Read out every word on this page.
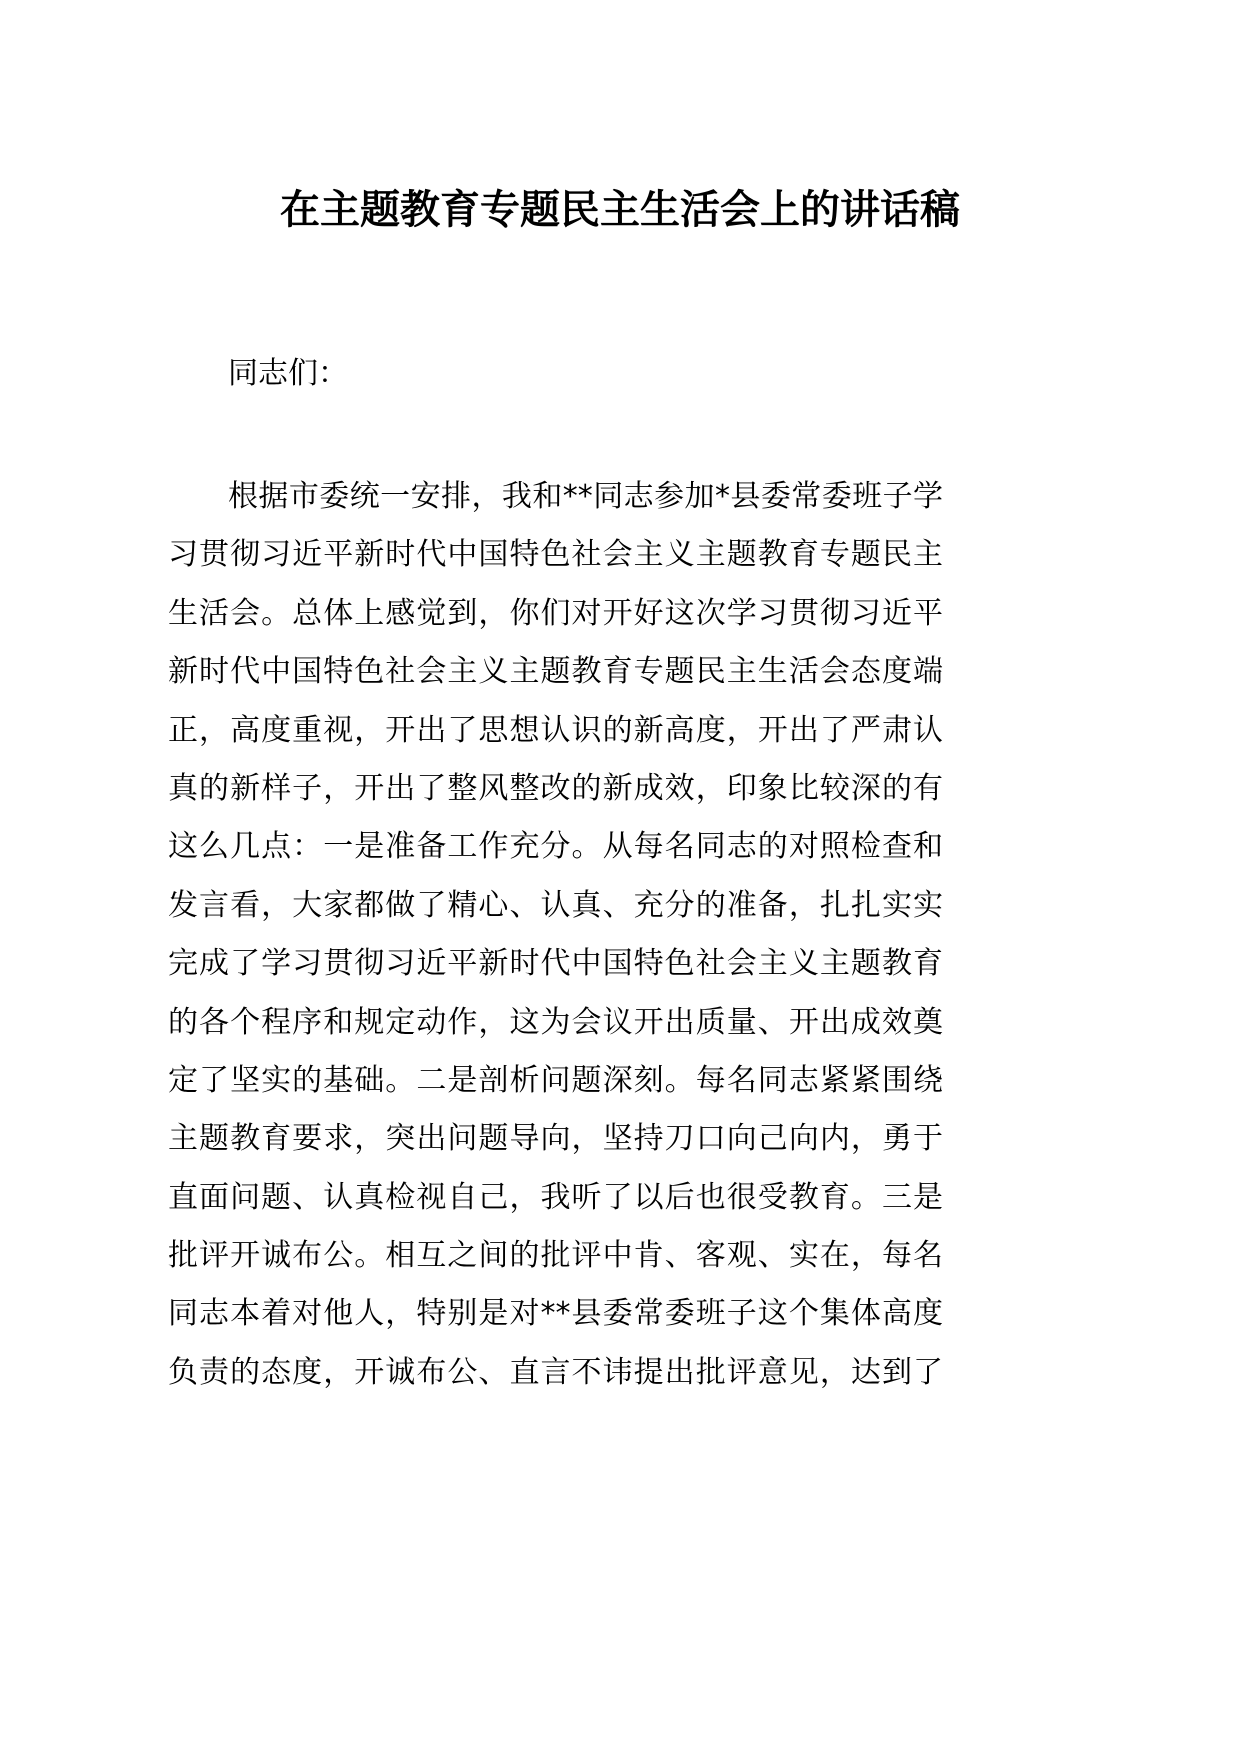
在主题教育专题民主生活会上的讲话稿

同志们：

根据市委统一安排，我和**同志参加*县委常委班子学
习贯彻习近平新时代中国特色社会主义主题教育专题民主
生活会。总体上感觉到，你们对开好这次学习贯彻习近平
新时代中国特色社会主义主题教育专题民主生活会态度端
正，高度重视，开出了思想认识的新高度，开出了严肃认
真的新样子，开出了整风整改的新成效，印象比较深的有
这么几点：一是准备工作充分。从每名同志的对照检查和
发言看，大家都做了精心、认真、充分的准备，扎扎实实
完成了学习贯彻习近平新时代中国特色社会主义主题教育
的各个程序和规定动作，这为会议开出质量、开出成效奠
定了坚实的基础。二是剖析问题深刻。每名同志紧紧围绕
主题教育要求，突出问题导向，坚持刀口向己向内，勇于
直面问题、认真检视自己，我听了以后也很受教育。三是
批评开诚布公。相互之间的批评中肯、客观、实在，每名
同志本着对他人，特别是对**县委常委班子这个集体高度
负责的态度，开诚布公、直言不讳提出批评意见，达到了
